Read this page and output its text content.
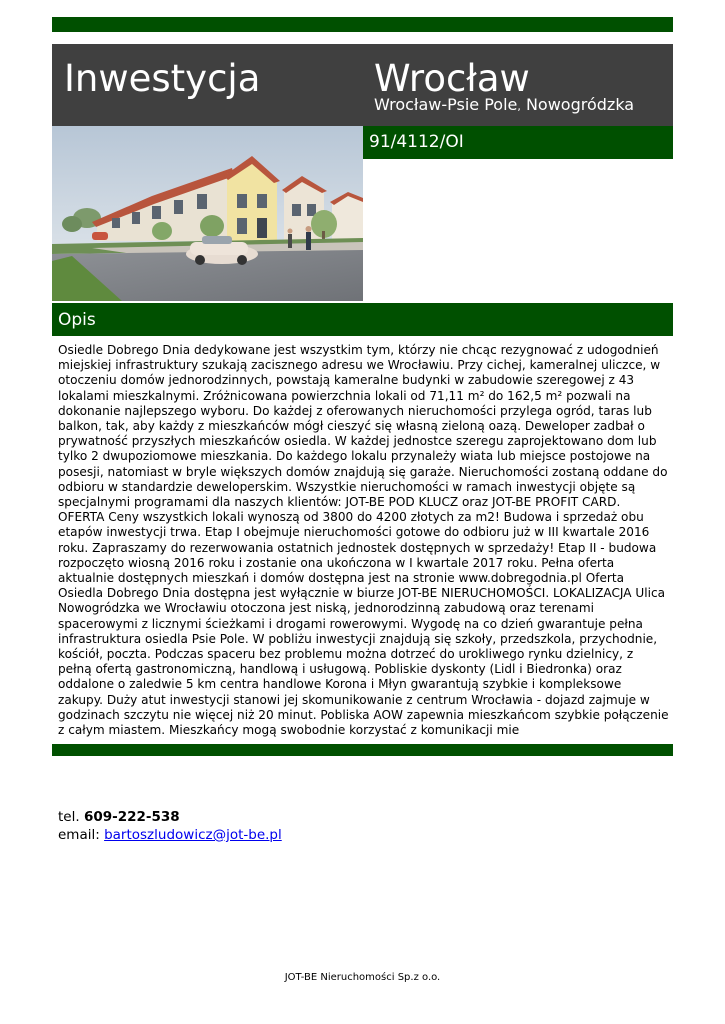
Inwestycja	Wrocław
Wrocław-Psie Pole, Nowogródzka
91/4112/OI
Opis
Osiedle Dobrego Dnia dedykowane jest wszystkim tym, którzy nie chcąc rezygnować z udogodnień miejskiej infrastruktury szukają zacisznego adresu we Wrocławiu. Przy cichej, kameralnej uliczce, w otoczeniu domów jednorodzinnych, powstają kameralne budynki w zabudowie szeregowej z 43 lokalami mieszkalnymi. Zróżnicowana powierzchnia lokali od 71,11 m² do 162,5 m² pozwali na dokonanie najlepszego wyboru. Do każdej z oferowanych nieruchomości przylega ogród, taras lub balkon, tak, aby każdy z mieszkańców mógł cieszyć się własną zieloną oazą. Deweloper zadbał o prywatność przyszłych mieszkańców osiedla. W każdej jednostce szeregu zaprojektowano dom lub tylko 2 dwupoziomowe mieszkania. Do każdego lokalu przynależy wiata lub miejsce postojowe na posesji, natomiast w bryle większych domów znajdują się garaże. Nieruchomości zostaną oddane do odbioru w standardzie deweloperskim. Wszystkie nieruchomości w ramach inwestycji objęte są specjalnymi programami dla naszych klientów: JOT-BE POD KLUCZ oraz JOT-BE PROFIT CARD. OFERTA Ceny wszystkich lokali wynoszą od 3800 do 4200 złotych za m2! Budowa i sprzedaż obu etapów inwestycji trwa. Etap I obejmuje nieruchomości gotowe do odbioru już w III kwartale 2016 roku. Zapraszamy do rezerwowania ostatnich jednostek dostępnych w sprzedaży! Etap II - budowa rozpoczęto wiosną 2016 roku i zostanie ona ukończona w I kwartale 2017 roku. Pełna oferta aktualnie dostępnych mieszkań i domów dostępna jest na stronie www.dobregodnia.pl Oferta Osiedla Dobrego Dnia dostępna jest wyłącznie w biurze JOT-BE NIERUCHOMOŚCI. LOKALIZACJA Ulica Nowogródzka we Wrocławiu otoczona jest niską, jednorodzinną zabudową oraz terenami spacerowymi z licznymi ścieżkami i drogami rowerowymi. Wygodę na co dzień gwarantuje pełna infrastruktura osiedla Psie Pole. W pobliżu inwestycji znajdują się szkoły, przedszkola, przychodnie, kościół, poczta. Podczas spaceru bez problemu można dotrzeć do urokliwego rynku dzielnicy, z pełną ofertą gastronomiczną, handlową i usługową. Pobliskie dyskonty (Lidl i Biedronka) oraz oddalone o zaledwie 5 km centra handlowe Korona i Młyn gwarantują szybkie i kompleksowe zakupy. Duży atut inwestycji stanowi jej skomunikowanie z centrum Wrocławia - dojazd zajmuje w godzinach szczytu nie więcej niż 20 minut. Pobliska AOW zapewnia mieszkańcom szybkie połączenie z całym miastem. Mieszkańcy mogą swobodnie korzystać z komunikacji mie
tel. 609-222-538
email: bartoszludowicz@jot-be.pl
JOT-BE Nieruchomości Sp.z o.o.
